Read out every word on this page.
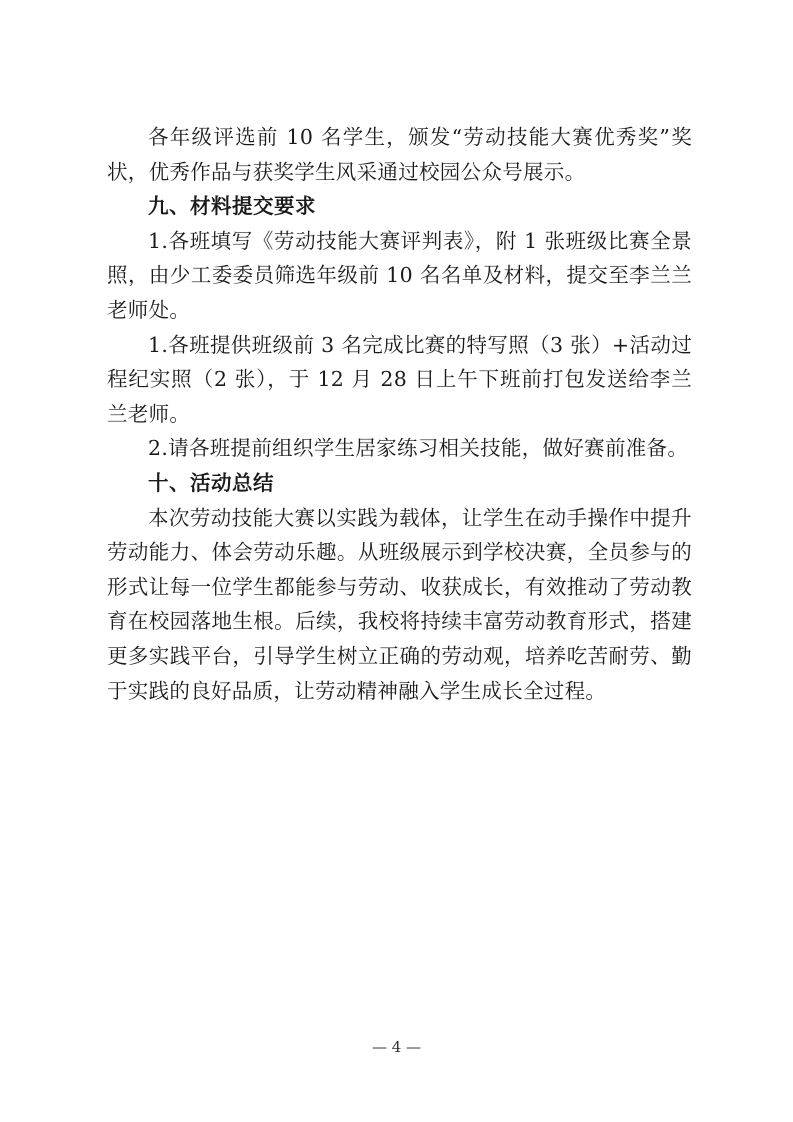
各年级评选前 10 名学生，颁发“劳动技能大赛优秀奖”奖状，优秀作品与获奖学生风采通过校园公众号展示。

九、材料提交要求

1.各班填写《劳动技能大赛评判表》，附 1 张班级比赛全景照，由少工委委员筛选年级前 10 名名单及材料，提交至李兰兰老师处。

1.各班提供班级前 3 名完成比赛的特写照（3 张）+活动过程纪实照（2 张），于 12 月 28 日上午下班前打包发送给李兰兰老师。

2.请各班提前组织学生居家练习相关技能，做好赛前准备。

十、活动总结

本次劳动技能大赛以实践为载体，让学生在动手操作中提升劳动能力、体会劳动乐趣。从班级展示到学校决赛，全员参与的形式让每一位学生都能参与劳动、收获成长，有效推动了劳动教育在校园落地生根。后续，我校将持续丰富劳动教育形式，搭建更多实践平台，引导学生树立正确的劳动观，培养吃苦耐劳、勤于实践的良好品质，让劳动精神融入学生成长全过程。

— 4 —
